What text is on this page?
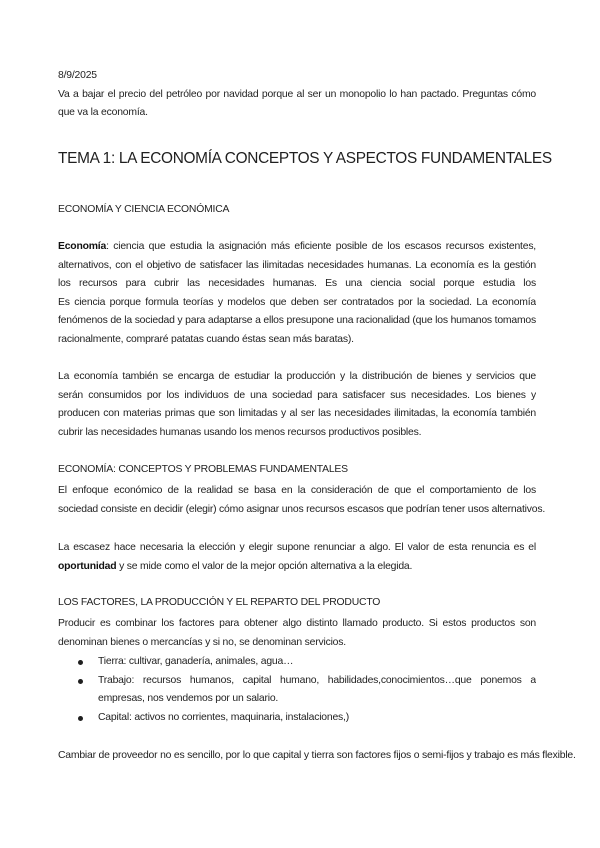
8/9/2025
Va a bajar el precio del petróleo por navidad porque al ser un monopolio lo han pactado. Preguntas cómo
que va la economía.
TEMA 1: LA ECONOMÍA CONCEPTOS Y ASPECTOS FUNDAMENTALES
ECONOMÍA Y CIENCIA ECONÓMICA
Economía: ciencia que estudia la asignación más eficiente posible de los escasos recursos existentes,
alternativos, con el objetivo de satisfacer las ilimitadas necesidades humanas. La economía es la gestión
los recursos para cubrir las necesidades humanas. Es una ciencia social porque estudia los
Es ciencia porque formula teorías y modelos que deben ser contratados por la sociedad. La economía
fenómenos de la sociedad y para adaptarse a ellos presupone una racionalidad (que los humanos tomamos
racionalmente, compraré patatas cuando éstas sean más baratas).
La economía también se encarga de estudiar la producción y la distribución de bienes y servicios que
serán consumidos por los individuos de una sociedad para satisfacer sus necesidades. Los bienes y
producen con materias primas que son limitadas y al ser las necesidades ilimitadas, la economía también
cubrir las necesidades humanas usando los menos recursos productivos posibles.
ECONOMÍA: CONCEPTOS Y PROBLEMAS FUNDAMENTALES
El enfoque económico de la realidad se basa en la consideración de que el comportamiento de los
sociedad consiste en decidir (elegir) cómo asignar unos recursos escasos que podrían tener usos alternativos.
La escasez hace necesaria la elección y elegir supone renunciar a algo. El valor de esta renuncia es el
oportunidad y se mide como el valor de la mejor opción alternativa a la elegida.
LOS FACTORES, LA PRODUCCIÓN Y EL REPARTO DEL PRODUCTO
Producir es combinar los factores para obtener algo distinto llamado producto. Si estos productos son
denominan bienes o mercancías y si no, se denominan servicios.
Tierra: cultivar, ganadería, animales, agua…
Trabajo: recursos humanos, capital humano, habilidades,conocimientos…que ponemos a
empresas, nos vendemos por un salario.
Capital: activos no corrientes, maquinaria, instalaciones,)
Cambiar de proveedor no es sencillo, por lo que capital y tierra son factores fijos o semi-fijos y trabajo es más flexible.
